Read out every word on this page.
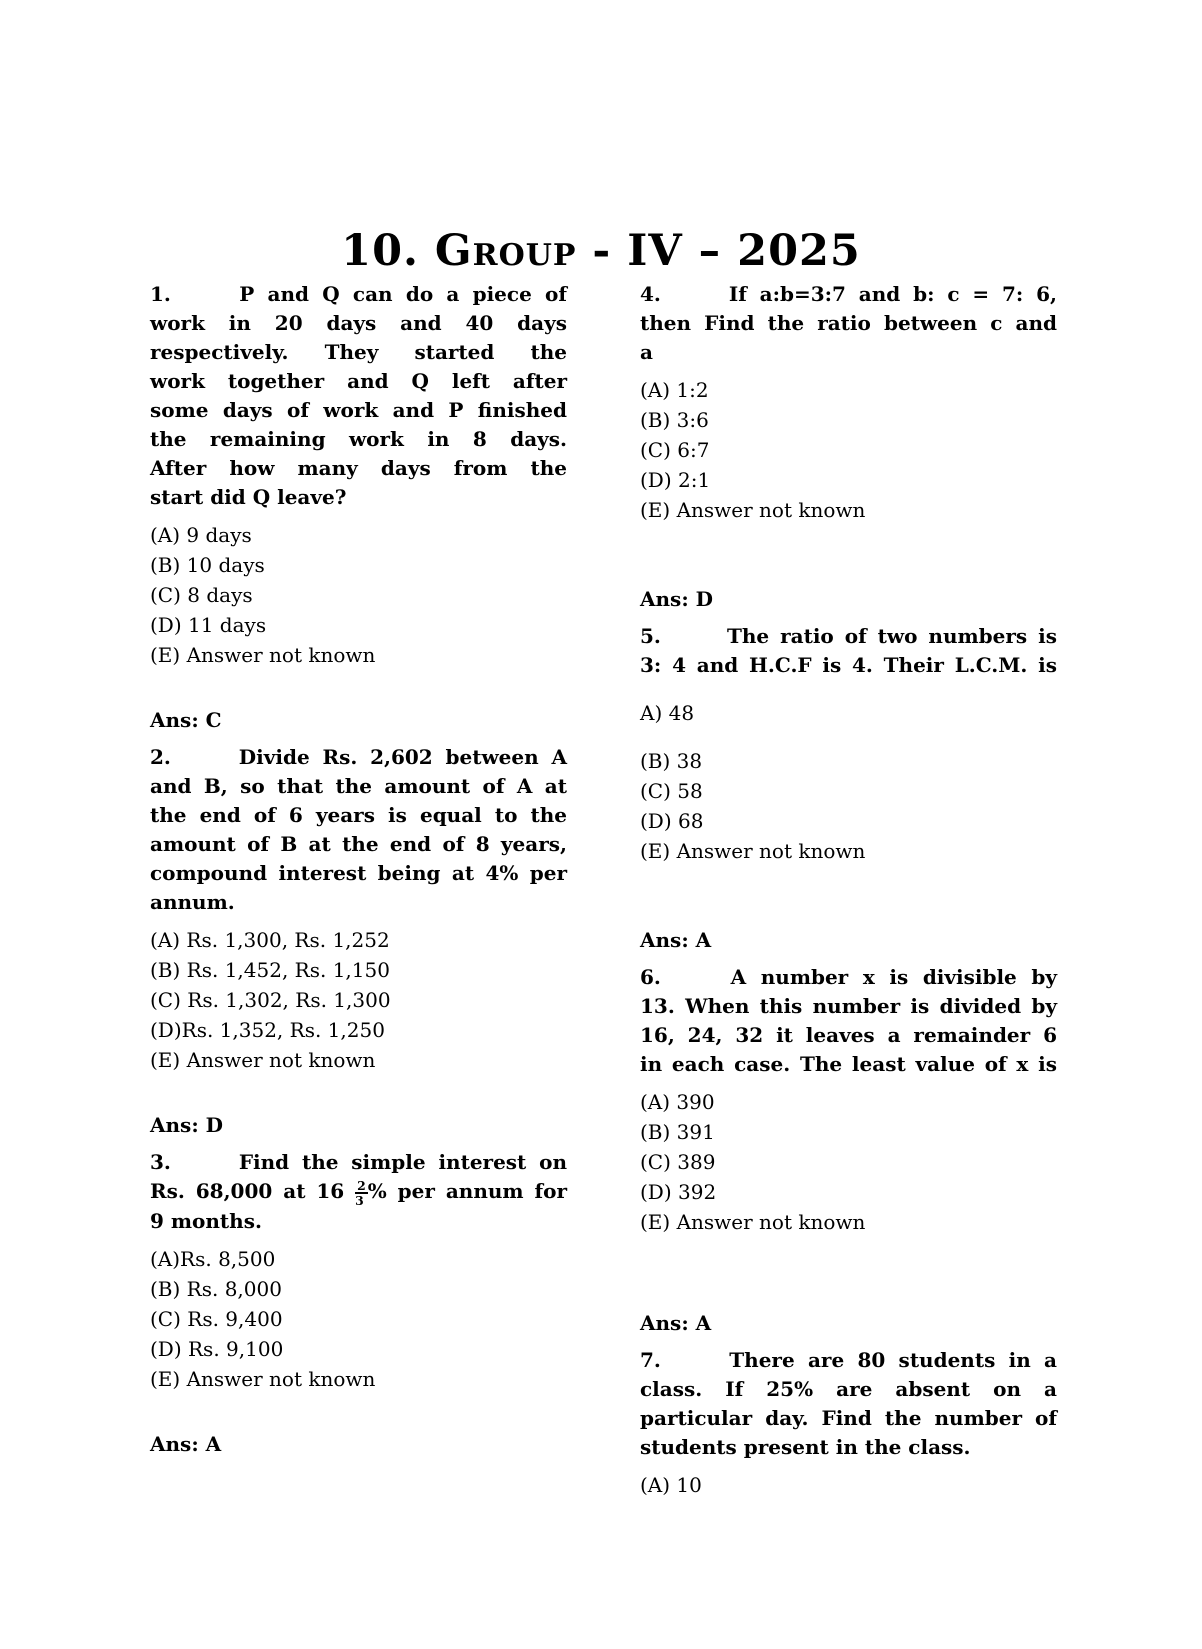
10. Group - IV – 2025
1.	P and Q can do a piece of
work in 20 days and 40 days
respectively. They started the
work together and Q left after
some days of work and P finished
the remaining work in 8 days.
After how many days from the
start did Q leave?
(A) 9 days
(B) 10 days
(C) 8 days
(D) 11 days
(E) Answer not known
Ans: C
2.	Divide Rs. 2,602 between A
and B, so that the amount of A at
the end of 6 years is equal to the
amount of B at the end of 8 years,
compound interest being at 4% per
annum.
(A) Rs. 1,300, Rs. 1,252
(B) Rs. 1,452, Rs. 1,150
(C) Rs. 1,302, Rs. 1,300
(D)Rs. 1,352, Rs. 1,250
(E) Answer not known
Ans: D
3.	Find the simple interest on
Rs. 68,000 at $16 \frac{2}{3}$ % per annum for
9 months.
(A)Rs. 8,500
(B) Rs. 8,000
(C) Rs. 9,400
(D) Rs. 9,100
(E) Answer not known
Ans: A
4.	If a:b=3:7 and b: c = 7: 6,
then Find the ratio between c and
a
(A) 1:2
(B) 3:6
(C) 6:7
(D) 2:1
(E) Answer not known
Ans: D
5.	The ratio of two numbers is
3: 4 and H.C.F is 4. Their L.C.M. is
A) 48
(B) 38
(C) 58
(D) 68
(E) Answer not known
Ans: A
6.	A number x is divisible by
13. When this number is divided by
16, 24, 32 it leaves a remainder 6
in each case. The least value of x is
(A) 390
(B) 391
(C) 389
(D) 392
(E) Answer not known
Ans: A
7.	There are 80 students in a
class. If 25% are absent on a
particular day. Find the number of
students present in the class.
(A) 10
